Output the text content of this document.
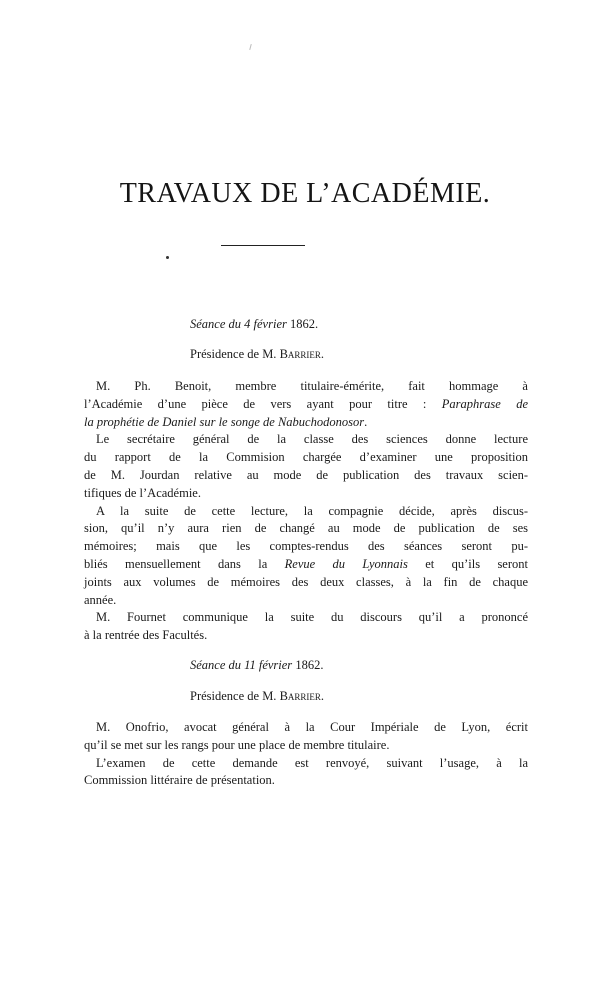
TRAVAUX DE L’ACADÉMIE.
Séance du 4 février 1862.
Présidence de M. Barrier.

M. Ph. Benoit, membre titulaire-émérite, fait hommage à
l’Académie d’une pièce de vers ayant pour titre : Paraphrase de
la prophétie de Daniel sur le songe de Nabuchodonosor.

Le secrétaire général de la classe des sciences donne lecture
du rapport de la Commision chargée d’examiner une proposition
de M. Jourdan relative au mode de publication des travaux scien-
tifiques de l’Académie.

A la suite de cette lecture, la compagnie décide, après discus-
sion, qu’il n’y aura rien de changé au mode de publication de ses
mémoires; mais que les comptes-rendus des séances seront pu-
bliés mensuellement dans la Revue du Lyonnais et qu’ils seront
joints aux volumes de mémoires des deux classes, à la fin de chaque
année.

M. Fournet communique la suite du discours qu’il a prononcé
à la rentrée des Facultés.

Séance du 11 février 1862.
Présidence de M. Barrier.

M. Onofrio, avocat général à la Cour Impériale de Lyon, écrit
qu’il se met sur les rangs pour une place de membre titulaire.

L’examen de cette demande est renvoyé, suivant l’usage, à la
Commission littéraire de présentation.
